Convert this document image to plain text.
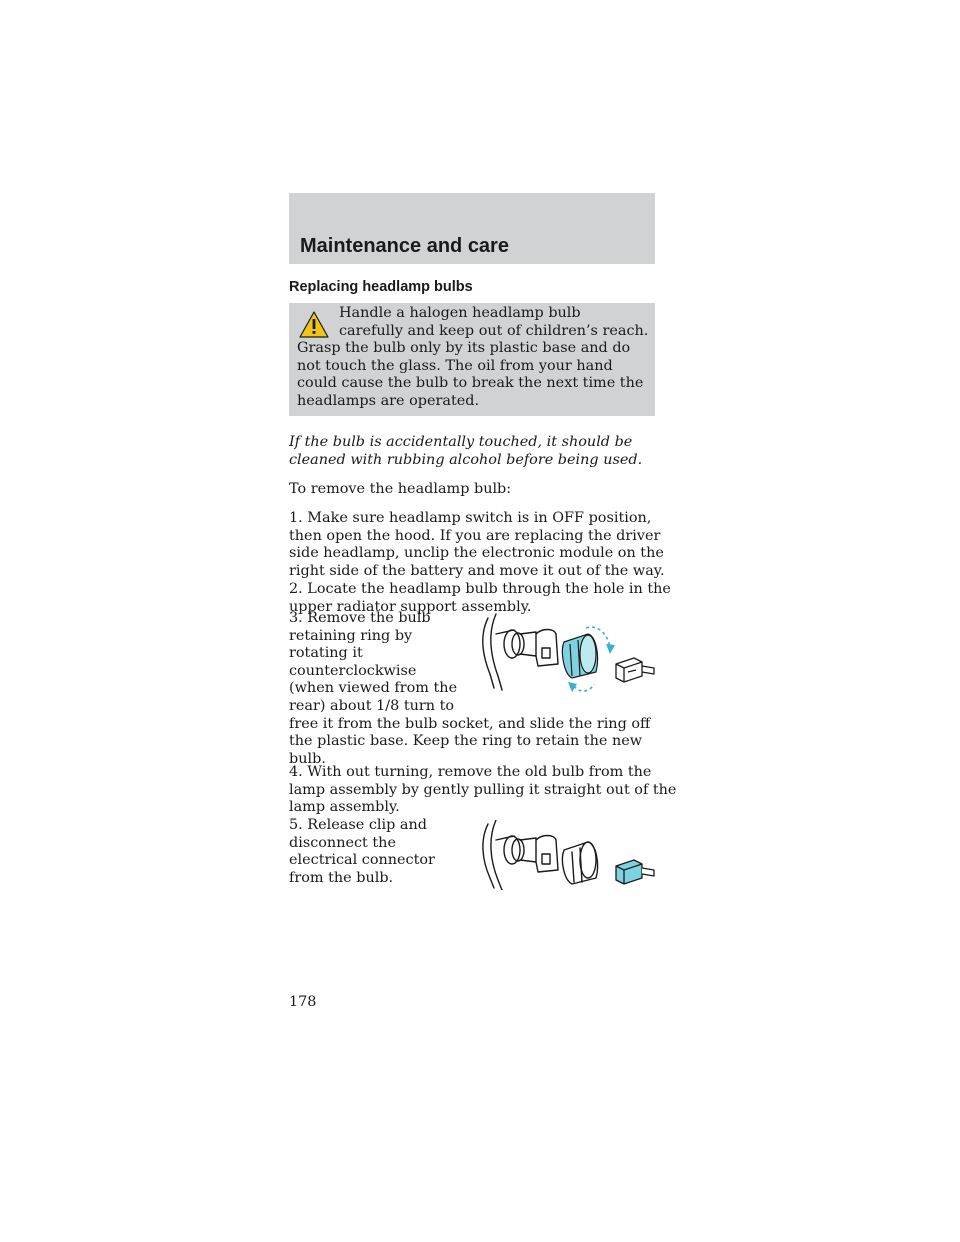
Maintenance and care
Replacing headlamp bulbs

Handle a halogen headlamp bulb carefully and keep out of children’s reach. Grasp the bulb only by its plastic base and do not touch the glass. The oil from your hand could cause the bulb to break the next time the headlamps are operated.

If the bulb is accidentally touched, it should be
cleaned with rubbing alcohol before being used.

To remove the headlamp bulb:

1. Make sure headlamp switch is in OFF position,
then open the hood. If you are replacing the driver
side headlamp, unclip the electronic module on the
right side of the battery and move it out of the way.

2. Locate the headlamp bulb through the hole in the
upper radiator support assembly.

3. Remove the bulb
retaining ring by
rotating it
counterclockwise
(when viewed from the
rear) about 1/8 turn to
free it from the bulb socket, and slide the ring off
the plastic base. Keep the ring to retain the new
bulb.

4. With out turning, remove the old bulb from the
lamp assembly by gently pulling it straight out of the
lamp assembly.

5. Release clip and
disconnect the
electrical connector
from the bulb.

178
